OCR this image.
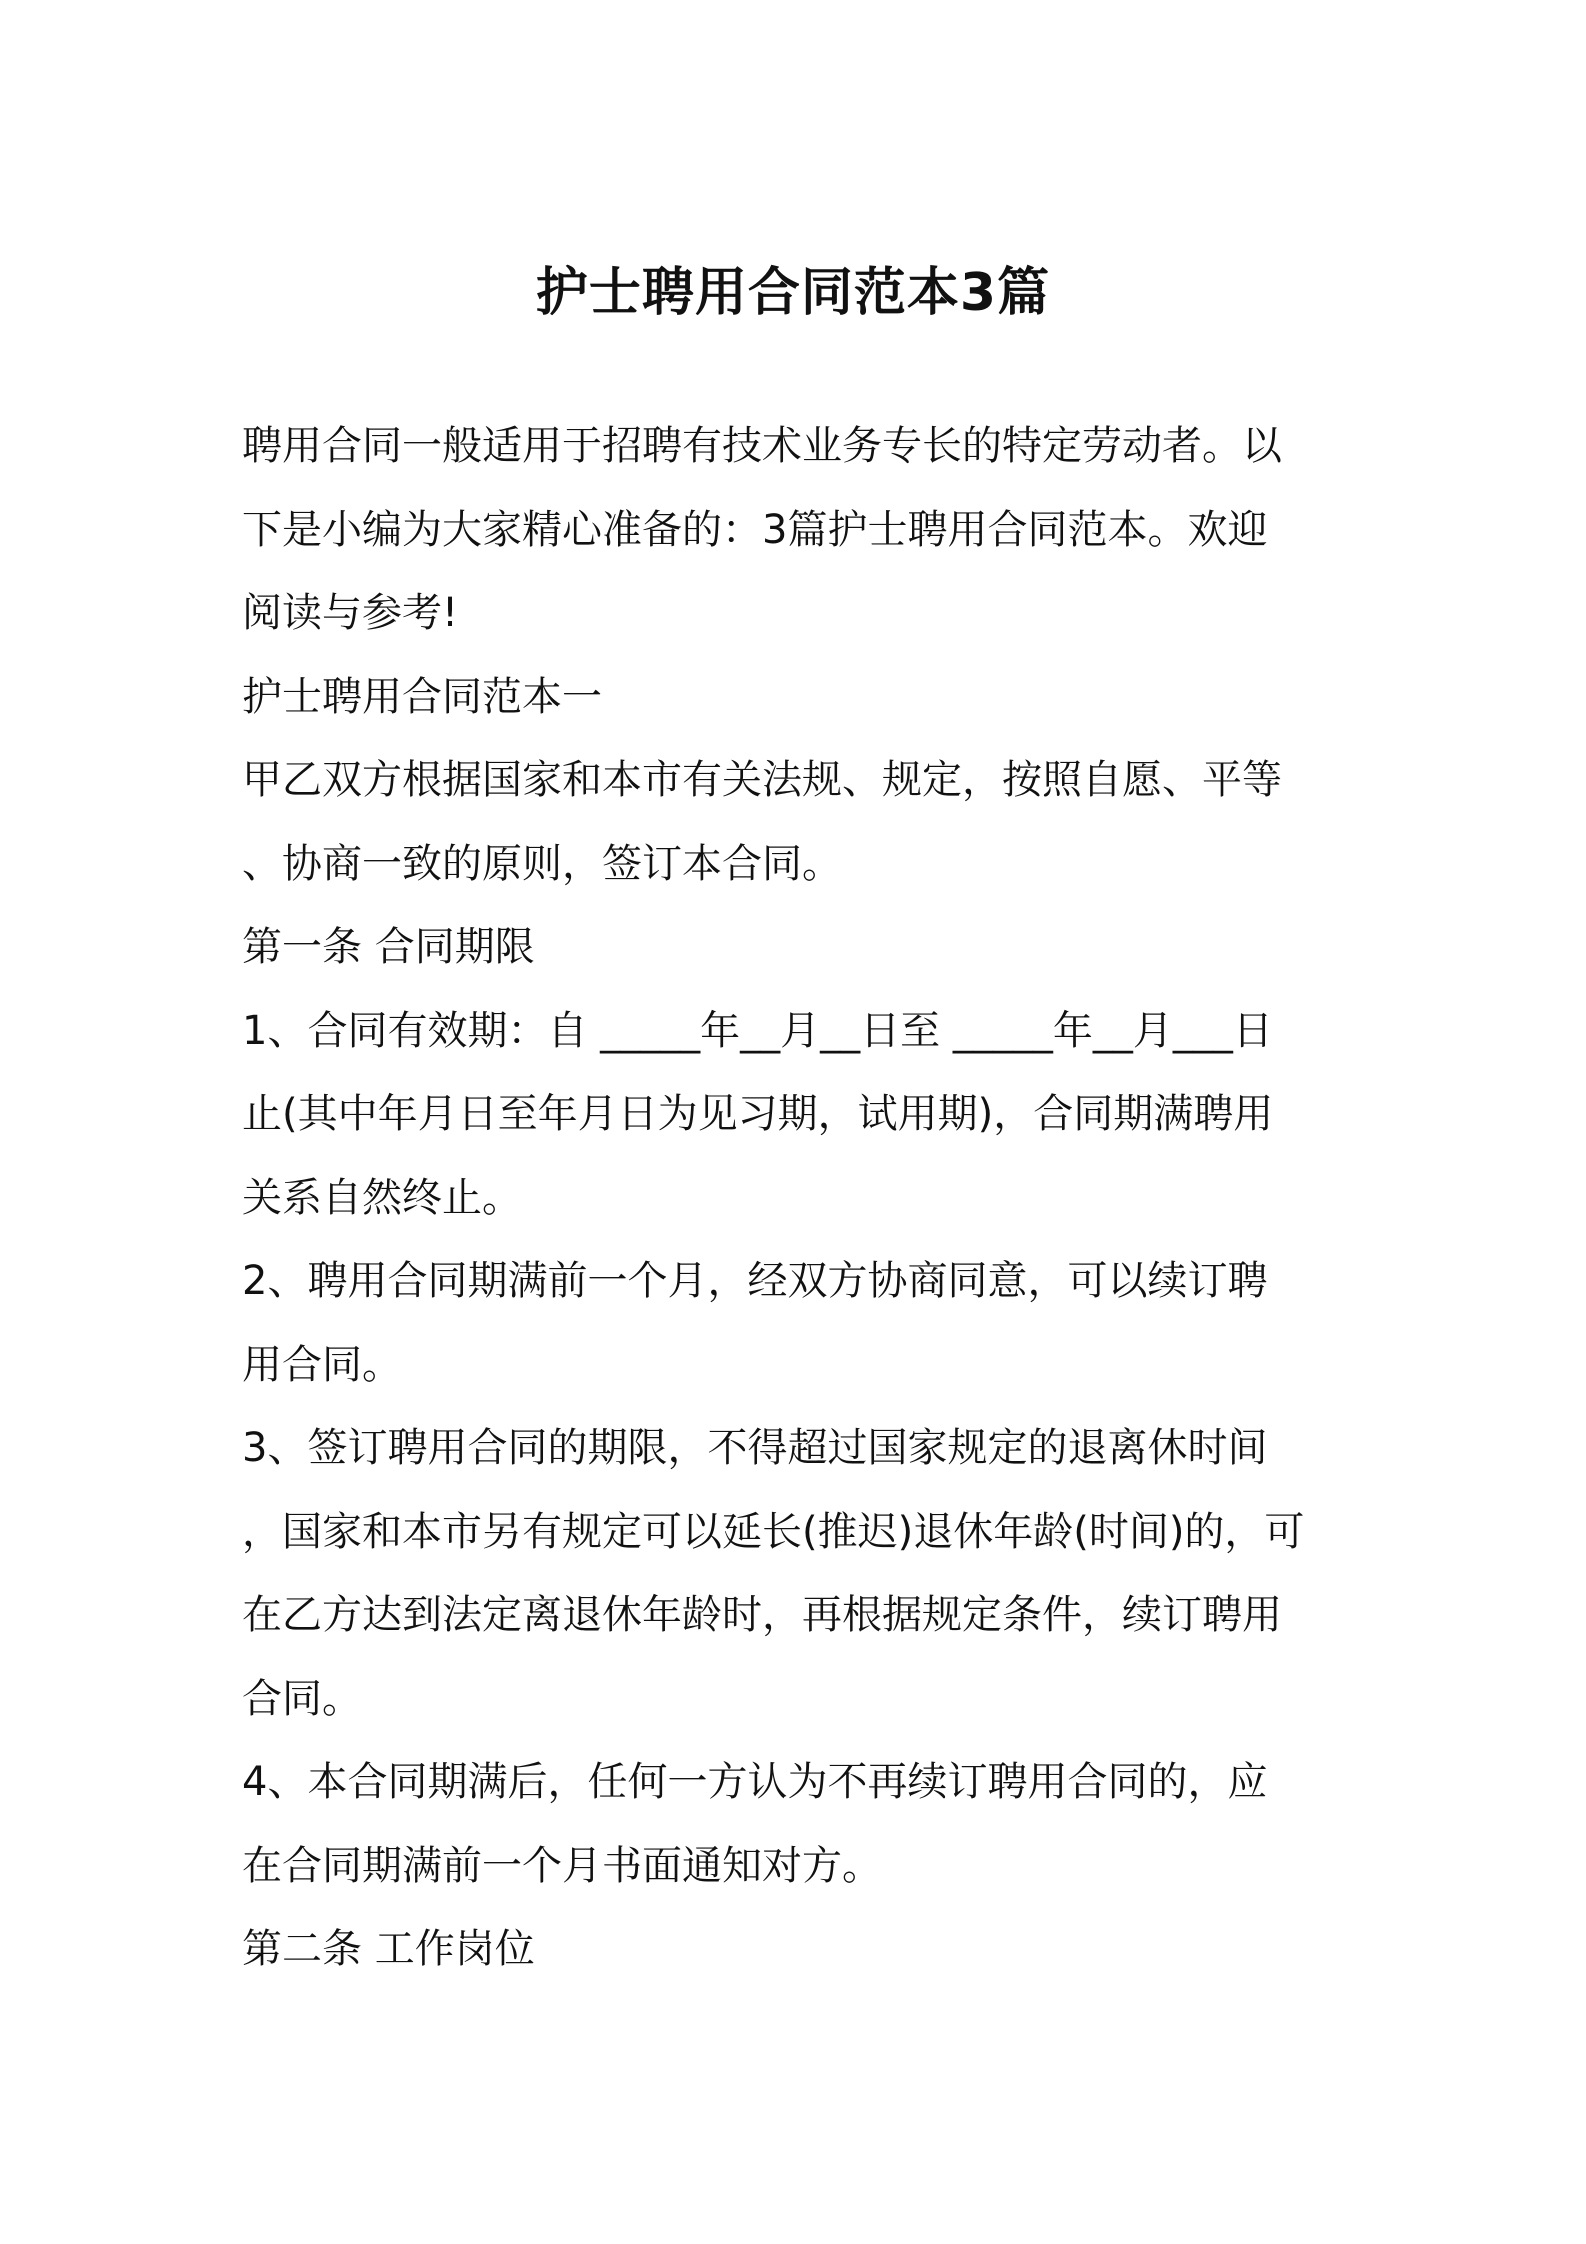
护士聘用合同范本3篇

聘用合同一般适用于招聘有技术业务专长的特定劳动者。以
下是小编为大家精心准备的：3篇护士聘用合同范本。欢迎
阅读与参考!

护士聘用合同范本一

甲乙双方根据国家和本市有关法规、规定，按照自愿、平等
、协商一致的原则，签订本合同。

第一条 合同期限

1、合同有效期：自 _____年__月__日至 _____年__月___日
止(其中年月日至年月日为见习期，试用期)，合同期满聘用
关系自然终止。

2、聘用合同期满前一个月，经双方协商同意，可以续订聘
用合同。

3、签订聘用合同的期限，不得超过国家规定的退离休时间
，国家和本市另有规定可以延长(推迟)退休年龄(时间)的，可
在乙方达到法定离退休年龄时，再根据规定条件，续订聘用
合同。

4、本合同期满后，任何一方认为不再续订聘用合同的，应
在合同期满前一个月书面通知对方。

第二条 工作岗位
